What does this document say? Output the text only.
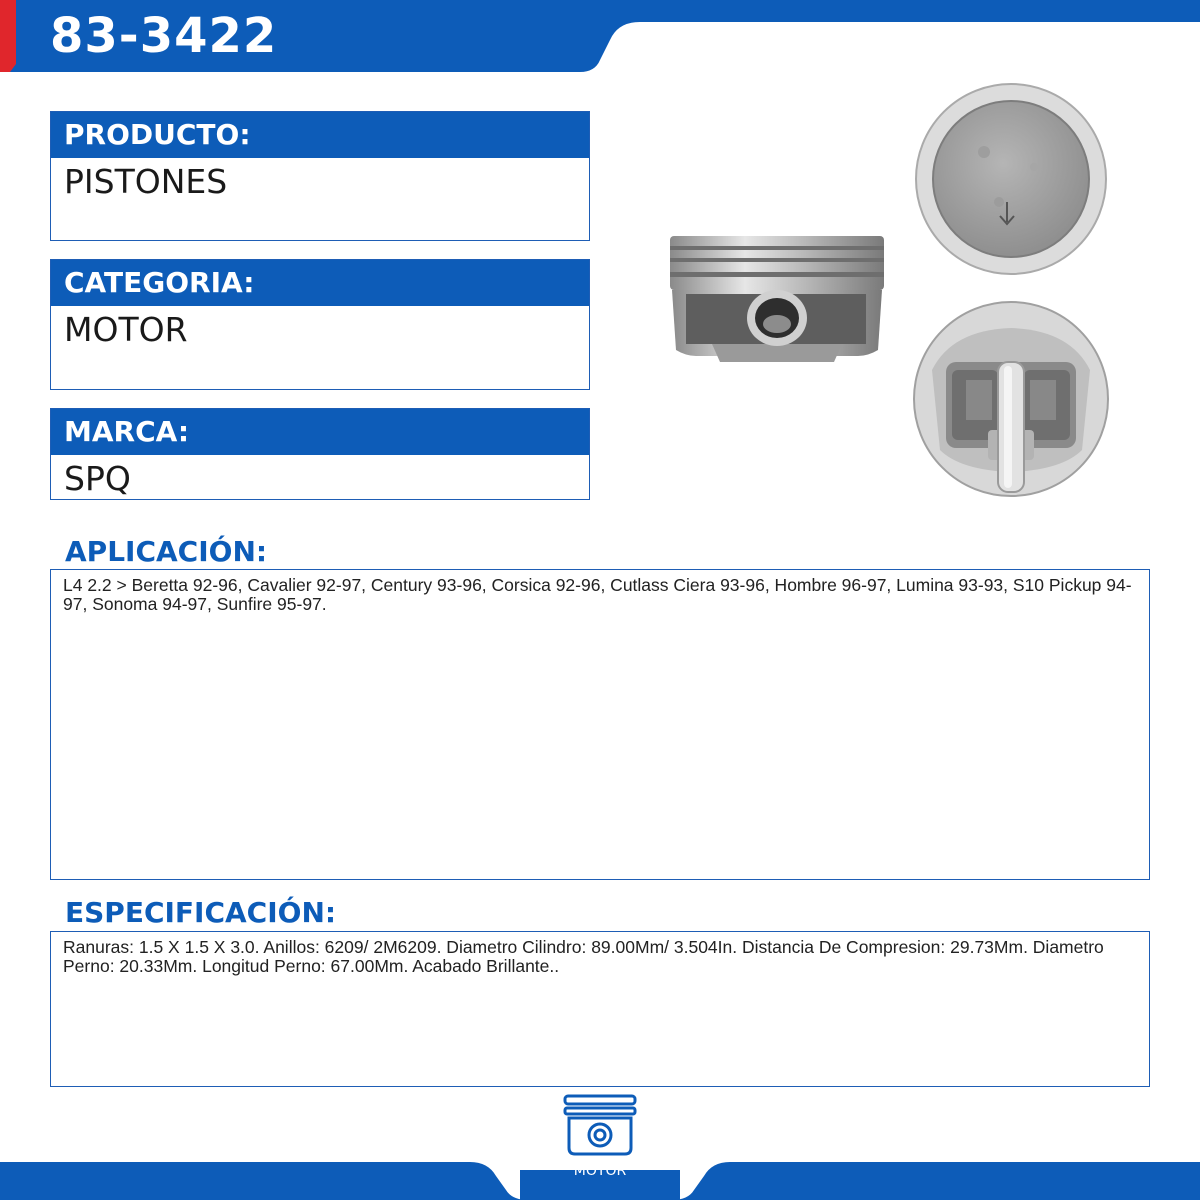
83-3422
PRODUCTO:
PISTONES
CATEGORIA:
MOTOR
MARCA:
SPQ
APLICACIÓN:
L4 2.2 > Beretta 92-96, Cavalier 92-97, Century 93-96, Corsica 92-96, Cutlass Ciera 93-96, Hombre 96-97, Lumina 93-93, S10 Pickup 94-97, Sonoma 94-97, Sunfire 95-97.
ESPECIFICACIÓN:
Ranuras: 1.5 X 1.5 X 3.0. Anillos: 6209/ 2M6209. Diametro Cilindro: 89.00Mm/ 3.504In. Distancia De Compresion: 29.73Mm. Diametro Perno: 20.33Mm. Longitud Perno: 67.00Mm. Acabado Brillante..
MOTOR
